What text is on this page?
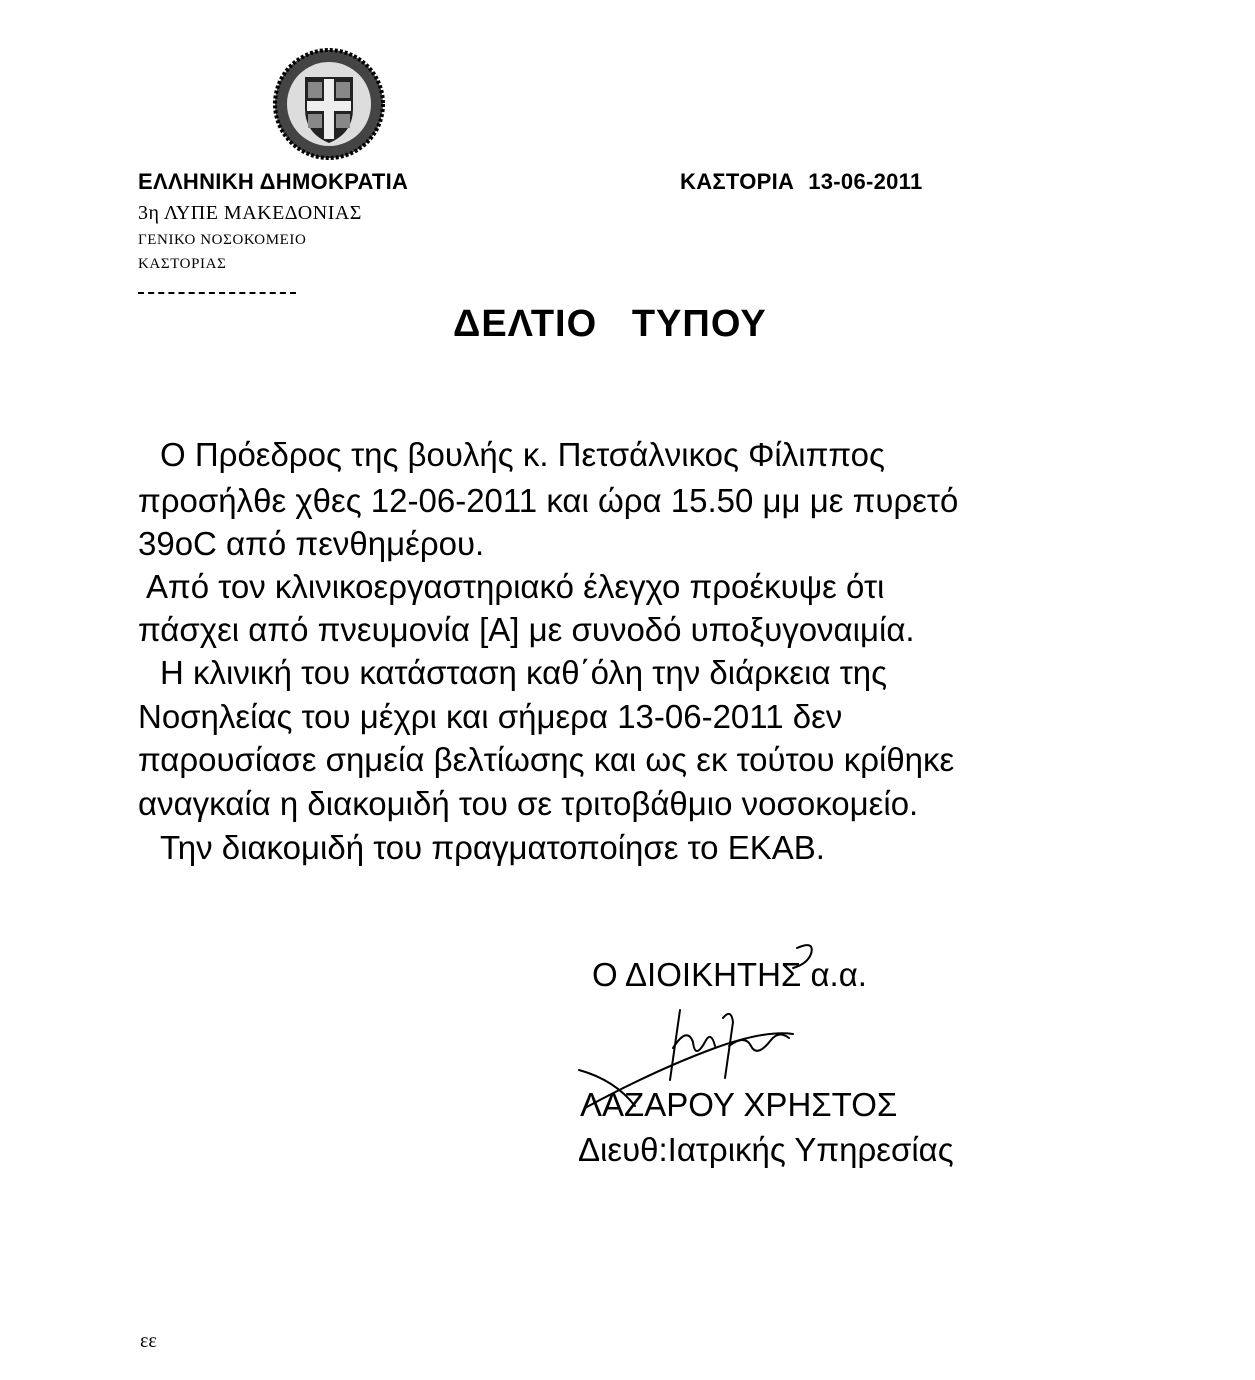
ΕΛΛΗΝΙΚΗ ΔΗΜΟΚΡΑΤΙΑ	ΚΑΣΤΟΡΙΑ 13-06-2011
3η ΛΥΠΕ ΜΑΚΕΔΟΝΙΑΣ
ΓΕΝΙΚΟ ΝΟΣΟΚΟΜΕΙΟ
ΚΑΣΤΟΡΙΑΣ
ΔΕΛΤΙΟ   ΤΥΠΟΥ
Ο Πρόεδρος της βουλής κ. Πετσάλνικος Φίλιππος
προσήλθε χθες 12-06-2011 και ώρα 15.50 μμ με πυρετό
39oC από πενθημέρου.
Από τον κλινικοεργαστηριακό έλεγχο προέκυψε ότι
πάσχει από πνευμονία [Α] με συνοδό υποξυγοναιμία.
Η κλινική του κατάσταση καθ΄όλη την διάρκεια της
Νοσηλείας του μέχρι και σήμερα 13-06-2011 δεν
παρουσίασε σημεία βελτίωσης και ως εκ τούτου κρίθηκε
αναγκαία η διακομιδή του σε τριτοβάθμιο νοσοκομείο.
Την διακομιδή του πραγματοποίησε το ΕΚΑΒ.
Ο ΔΙΟΙΚΗΤΗΣ α.α.
ΛΑΖΑΡΟΥ ΧΡΗΣΤΟΣ
Διευθ:Ιατρικής Υπηρεσίας
εε
